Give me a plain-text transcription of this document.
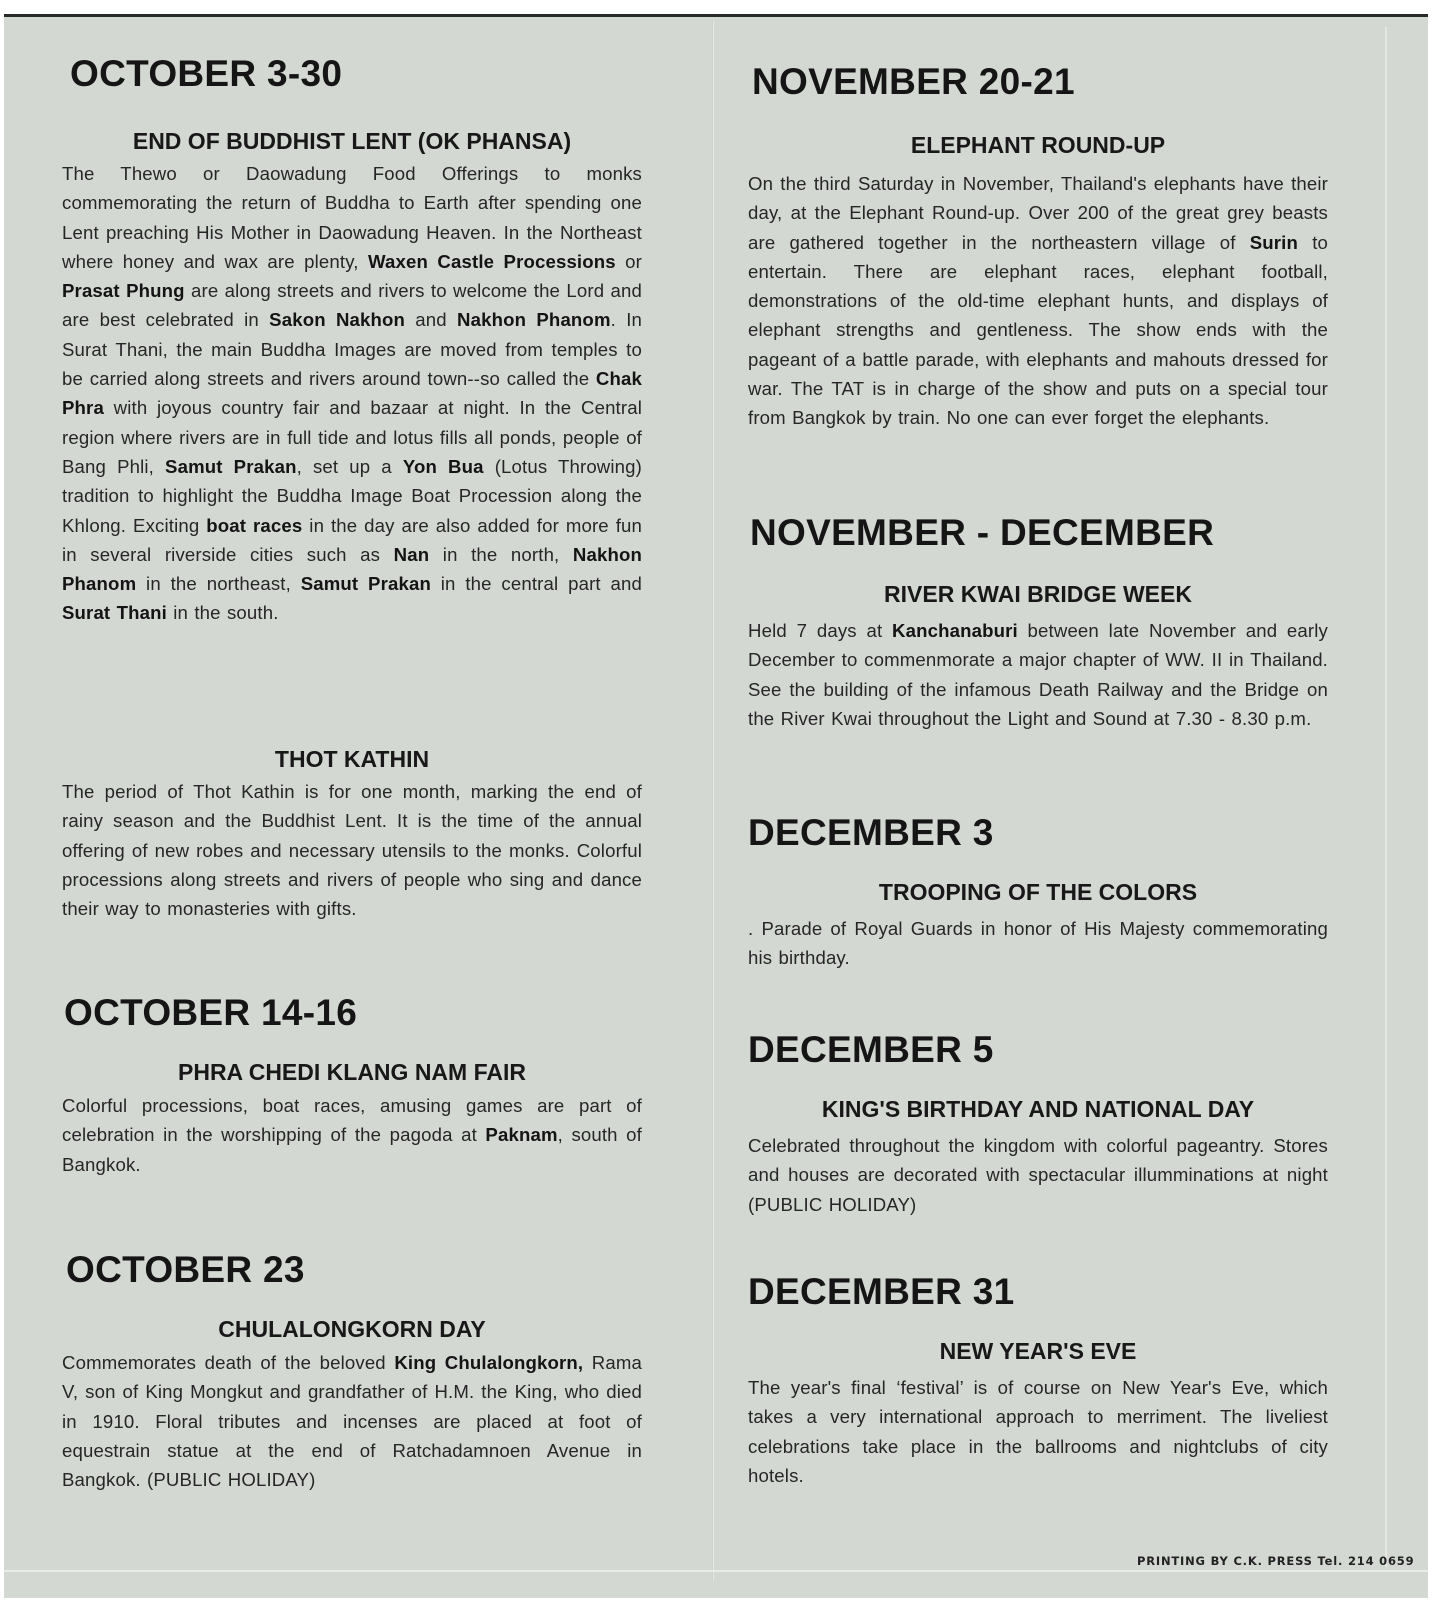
OCTOBER 3-30
END OF BUDDHIST LENT (OK PHANSA)

The Thewo or Daowadung Food Offerings to monks commemorating the return of Buddha to Earth after spending one Lent preaching His Mother in Daowadung Heaven. In the Northeast where honey and wax are plenty, Waxen Castle Processions or Prasat Phung are along streets and rivers to welcome the Lord and are best celebrated in Sakon Nakhon and Nakhon Phanom. In Surat Thani, the main Buddha Images are moved from temples to be carried along streets and rivers around town--so called the Chak Phra with joyous country fair and bazaar at night. In the Central region where rivers are in full tide and lotus fills all ponds, people of Bang Phli, Samut Prakan, set up a Yon Bua (Lotus Throwing) tradition to highlight the Buddha Image Boat Procession along the Khlong. Exciting boat races in the day are also added for more fun in several riverside cities such as Nan in the north, Nakhon Phanom in the northeast, Samut Prakan in the central part and Surat Thani in the south.

THOT KATHIN

The period of Thot Kathin is for one month, marking the end of rainy season and the Buddhist Lent. It is the time of the annual offering of new robes and necessary utensils to the monks. Colorful processions along streets and rivers of people who sing and dance their way to monasteries with gifts.

OCTOBER 14-16
PHRA CHEDI KLANG NAM FAIR

Colorful processions, boat races, amusing games are part of celebration in the worshipping of the pagoda at Paknam, south of Bangkok.

OCTOBER 23
CHULALONGKORN DAY

Commemorates death of the beloved King Chulalongkorn, Rama V, son of King Mongkut and grandfather of H.M. the King, who died in 1910. Floral tributes and incenses are placed at foot of equestrain statue at the end of Ratchadamnoen Avenue in Bangkok. (PUBLIC HOLIDAY)

NOVEMBER 20-21
ELEPHANT ROUND-UP

On the third Saturday in November, Thailand's elephants have their day, at the Elephant Round-up. Over 200 of the great grey beasts are gathered together in the northeastern village of Surin to entertain. There are elephant races, elephant football, demonstrations of the old-time elephant hunts, and displays of elephant strengths and gentleness. The show ends with the pageant of a battle parade, with elephants and mahouts dressed for war. The TAT is in charge of the show and puts on a special tour from Bangkok by train. No one can ever forget the elephants.

NOVEMBER - DECEMBER
RIVER KWAI BRIDGE WEEK

Held 7 days at Kanchanaburi between late November and early December to commenmorate a major chapter of WW. II in Thailand. See the building of the infamous Death Railway and the Bridge on the River Kwai throughout the Light and Sound at 7.30 - 8.30 p.m.

DECEMBER 3
TROOPING OF THE COLORS

. Parade of Royal Guards in honor of His Majesty commemorating his birthday.

DECEMBER 5
KING'S BIRTHDAY AND NATIONAL DAY

Celebrated throughout the kingdom with colorful pageantry. Stores and houses are decorated with spectacular illumminations at night (PUBLIC HOLIDAY)

DECEMBER 31
NEW YEAR'S EVE

The year's final ‘festival’ is of course on New Year's Eve, which takes a very international approach to merriment. The liveliest celebrations take place in the ballrooms and nightclubs of city hotels.

PRINTING BY C.K. PRESS Tel. 214 0659
